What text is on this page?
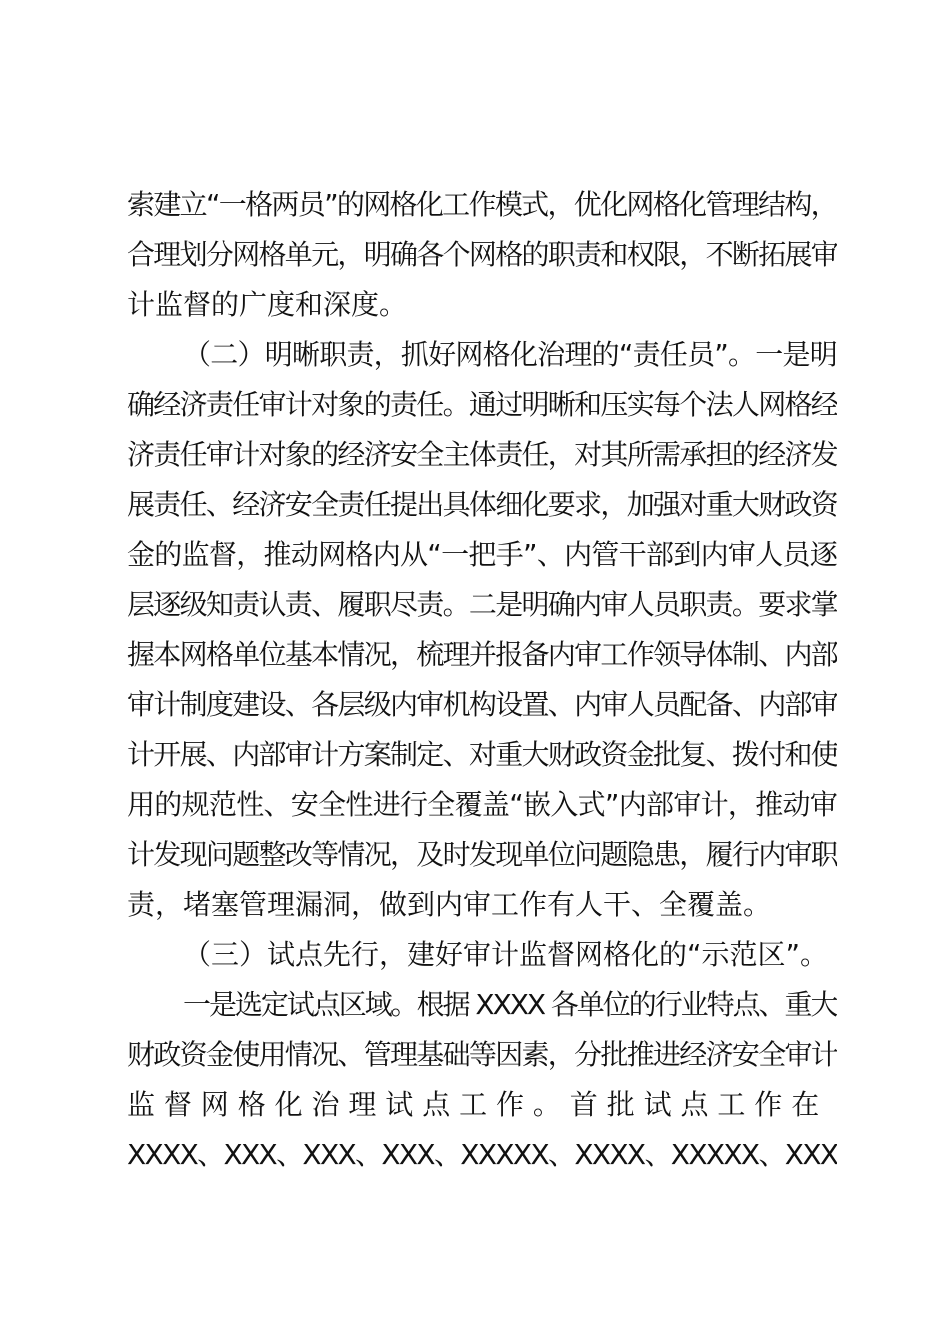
索建立“一格两员”的网格化工作模式，优化网格化管理结构，
合理划分网格单元，明确各个网格的职责和权限，不断拓展审
计监督的广度和深度。
（二）明晰职责，抓好网格化治理的“责任员”。一是明
确经济责任审计对象的责任。通过明晰和压实每个法人网格经
济责任审计对象的经济安全主体责任，对其所需承担的经济发
展责任、经济安全责任提出具体细化要求，加强对重大财政资
金的监督，推动网格内从“一把手”、内管干部到内审人员逐
层逐级知责认责、履职尽责。二是明确内审人员职责。要求掌
握本网格单位基本情况，梳理并报备内审工作领导体制、内部
审计制度建设、各层级内审机构设置、内审人员配备、内部审
计开展、内部审计方案制定、对重大财政资金批复、拨付和使
用的规范性、安全性进行全覆盖“嵌入式”内部审计，推动审
计发现问题整改等情况，及时发现单位问题隐患，履行内审职
责，堵塞管理漏洞，做到内审工作有人干、全覆盖。
（三）试点先行，建好审计监督网格化的“示范区”。
一是选定试点区域。根据 XXXX 各单位的行业特点、重大
财政资金使用情况、管理基础等因素，分批推进经济安全审计
监 督 网 格 化 治 理 试 点 工 作 。 首 批 试 点 工 作 在
XXXX、XXX、XXX、XXX、XXXXX、XXXX、XXXXX、XXX
